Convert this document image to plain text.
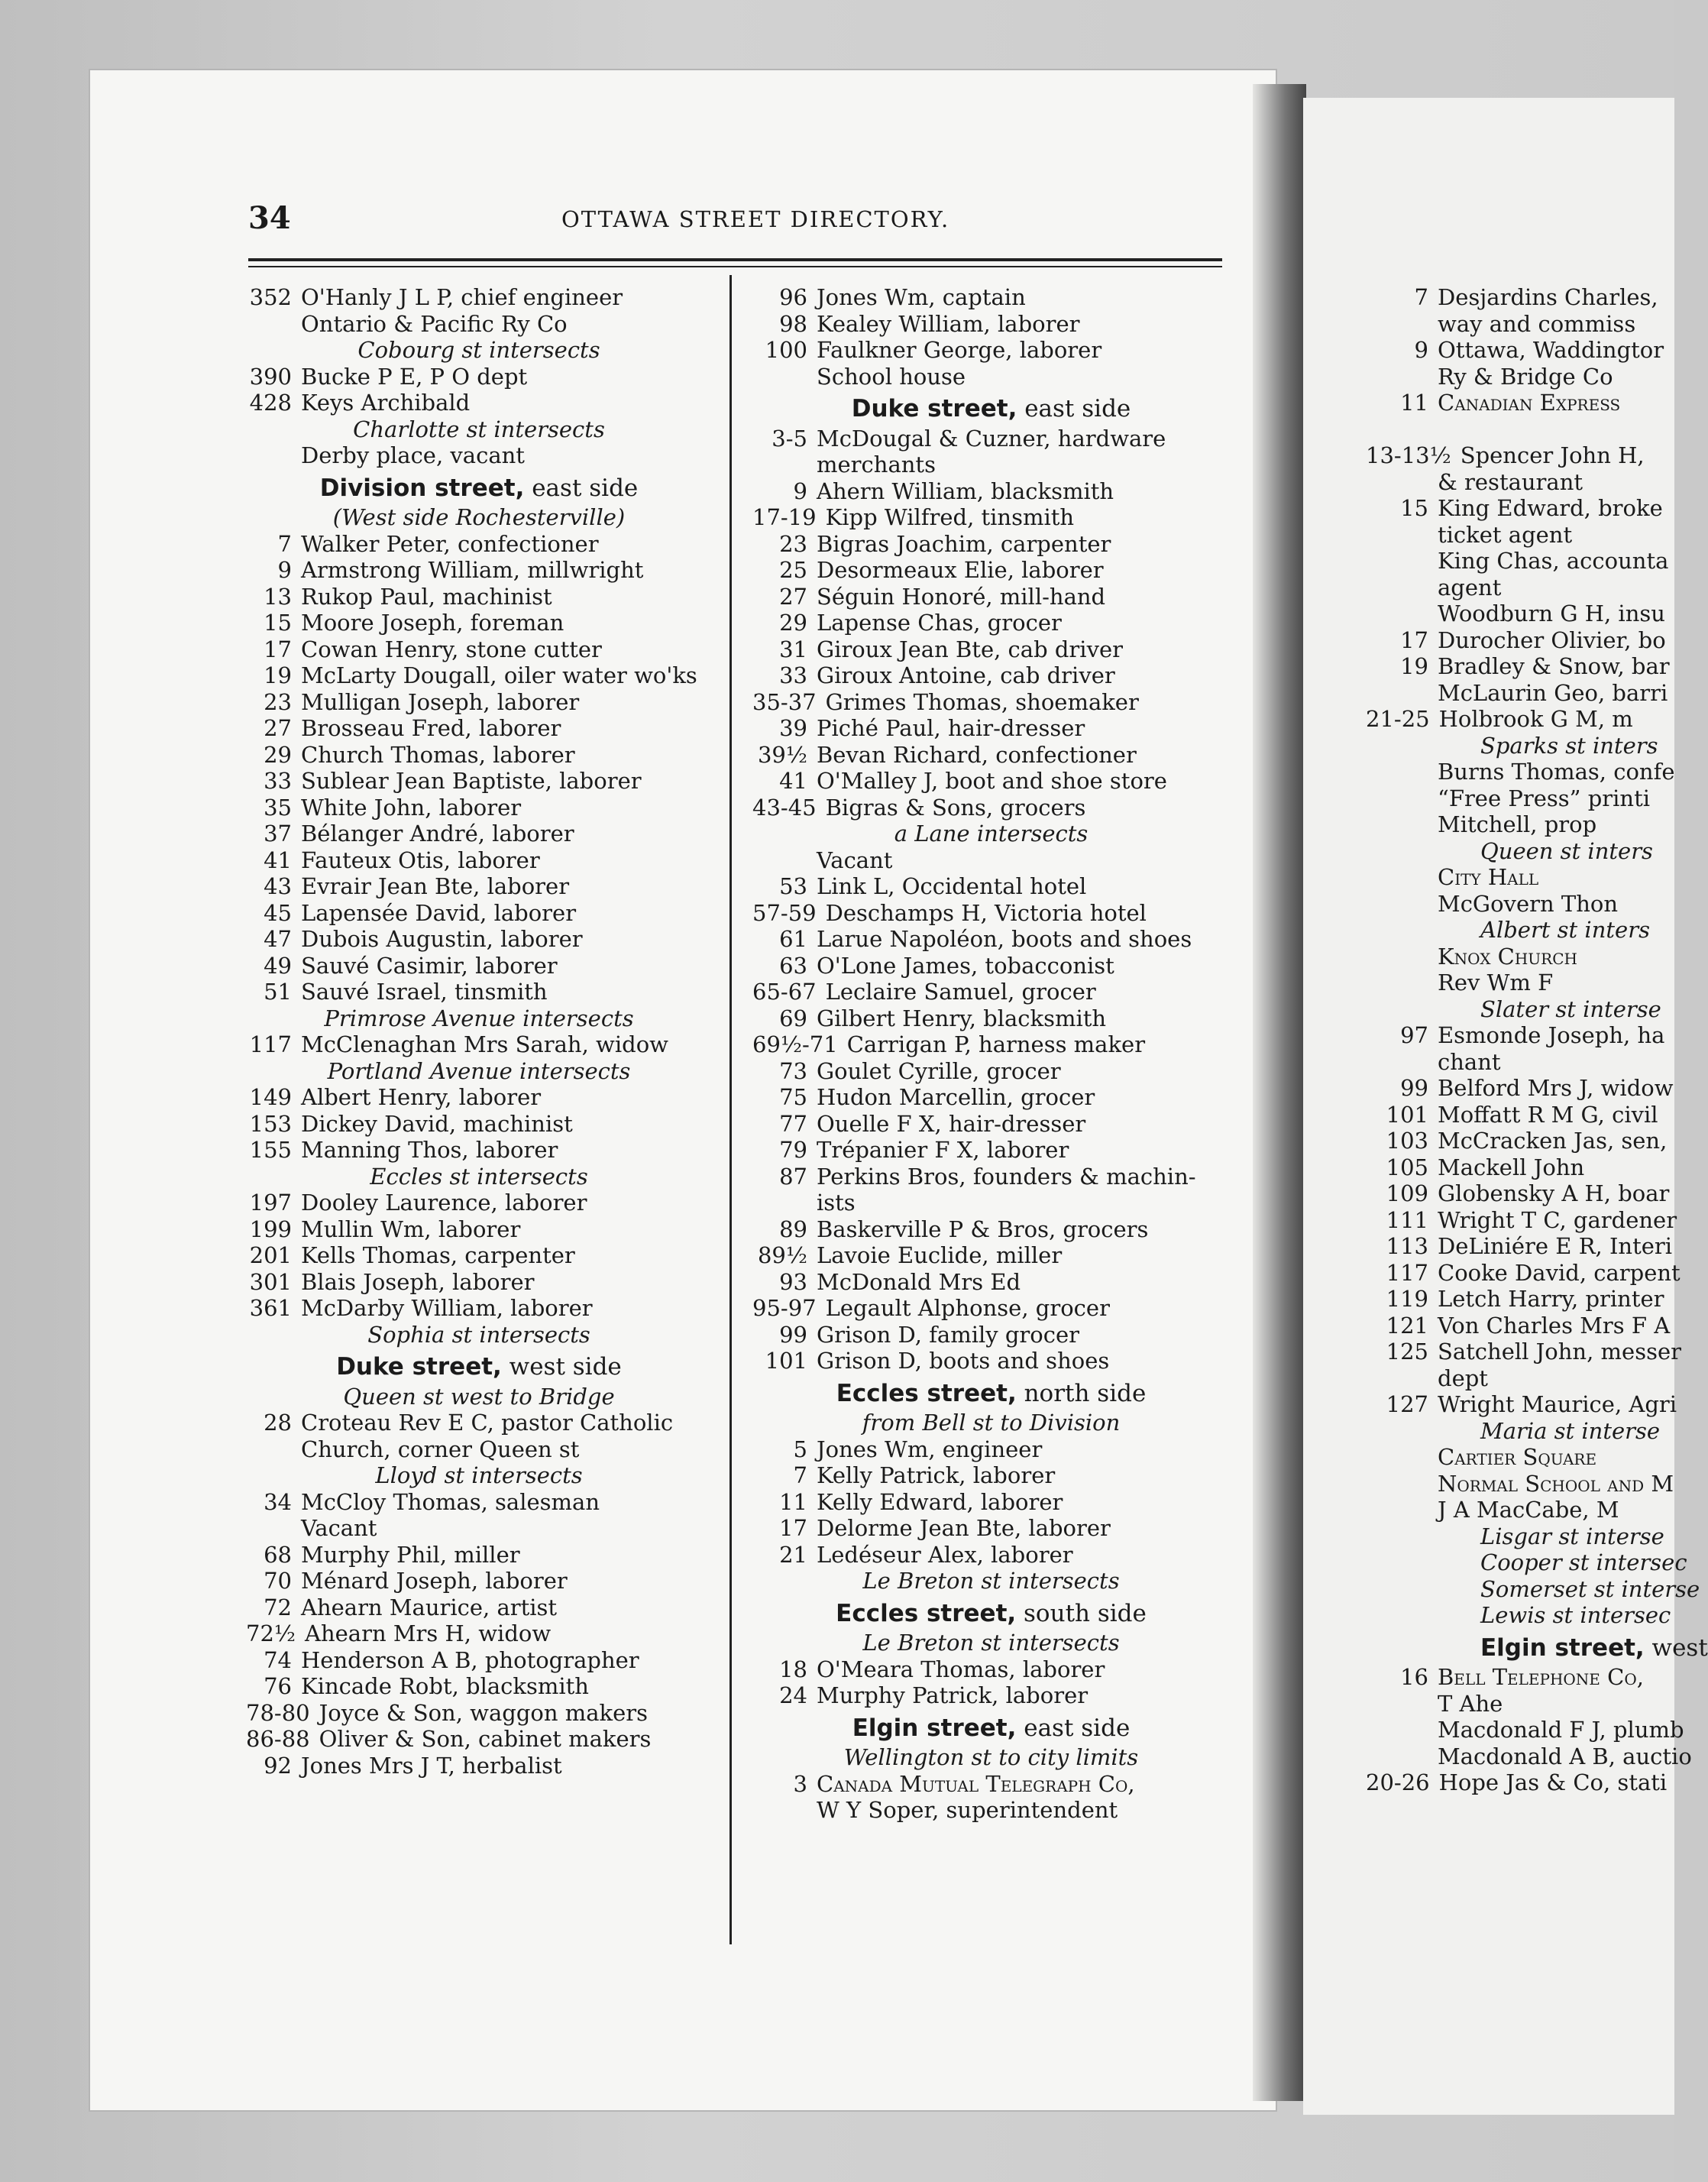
34	OTTAWA STREET DIRECTORY.
352 O'Hanly J L P, chief engineer
Ontario & Pacific Ry Co
Cobourg st intersects
390 Bucke P E, P O dept
428 Keys Archibald
Charlotte st intersects
Derby place, vacant
Division street, east side
(West side Rochesterville)
7 Walker Peter, confectioner
9 Armstrong William, millwright
13 Rukop Paul, machinist
15 Moore Joseph, foreman
17 Cowan Henry, stone cutter
19 McLarty Dougall, oiler water wo'ks
23 Mulligan Joseph, laborer
27 Brosseau Fred, laborer
29 Church Thomas, laborer
33 Sublear Jean Baptiste, laborer
35 White John, laborer
37 Bélanger André, laborer
41 Fauteux Otis, laborer
43 Evrair Jean Bte, laborer
45 Lapensée David, laborer
47 Dubois Augustin, laborer
49 Sauvé Casimir, laborer
51 Sauvé Israel, tinsmith
Primrose Avenue intersects
117 McClenaghan Mrs Sarah, widow
Portland Avenue intersects
149 Albert Henry, laborer
153 Dickey David, machinist
155 Manning Thos, laborer
Eccles st intersects
197 Dooley Laurence, laborer
199 Mullin Wm, laborer
201 Kells Thomas, carpenter
301 Blais Joseph, laborer
361 McDarby William, laborer
Sophia st intersects
Duke street, west side
Queen st west to Bridge
28 Croteau Rev E C, pastor Catholic
Church, corner Queen st
Lloyd st intersects
34 McCloy Thomas, salesman
Vacant
68 Murphy Phil, miller
70 Ménard Joseph, laborer
72 Ahearn Maurice, artist
72½ Ahearn Mrs H, widow
74 Henderson A B, photographer
76 Kincade Robt, blacksmith
78-80 Joyce & Son, waggon makers
86-88 Oliver & Son, cabinet makers
92 Jones Mrs J T, herbalist
96 Jones Wm, captain
98 Kealey William, laborer
100 Faulkner George, laborer
School house
Duke street, east side
3-5 McDougal & Cuzner, hardware
merchants
9 Ahern William, blacksmith
17-19 Kipp Wilfred, tinsmith
23 Bigras Joachim, carpenter
25 Desormeaux Elie, laborer
27 Séguin Honoré, mill-hand
29 Lapense Chas, grocer
31 Giroux Jean Bte, cab driver
33 Giroux Antoine, cab driver
35-37 Grimes Thomas, shoemaker
39 Piché Paul, hair-dresser
39½ Bevan Richard, confectioner
41 O'Malley J, boot and shoe store
43-45 Bigras & Sons, grocers
a Lane intersects
Vacant
53 Link L, Occidental hotel
57-59 Deschamps H, Victoria hotel
61 Larue Napoléon, boots and shoes
63 O'Lone James, tobacconist
65-67 Leclaire Samuel, grocer
69 Gilbert Henry, blacksmith
69½-71 Carrigan P, harness maker
73 Goulet Cyrille, grocer
75 Hudon Marcellin, grocer
77 Ouelle F X, hair-dresser
79 Trépanier F X, laborer
87 Perkins Bros, founders & machin-
ists
89 Baskerville P & Bros, grocers
89½ Lavoie Euclide, miller
93 McDonald Mrs Ed
95-97 Legault Alphonse, grocer
99 Grison D, family grocer
101 Grison D, boots and shoes
Eccles street, north side
from Bell st to Division
5 Jones Wm, engineer
7 Kelly Patrick, laborer
11 Kelly Edward, laborer
17 Delorme Jean Bte, laborer
21 Ledéseur Alex, laborer
Le Breton st intersects
Eccles street, south side
Le Breton st intersects
18 O'Meara Thomas, laborer
24 Murphy Patrick, laborer
Elgin street, east side
Wellington st to city limits
3 Canada Mutual Telegraph Co,
W Y Soper, superintendent
7 Desjardins Charles,
way and commiss
9 Ottawa, Waddingtor
Ry & Bridge Co
11 Canadian Express

13-13½ Spencer John H,
& restaurant
15 King Edward, broke
ticket agent
King Chas, accounta
agent
Woodburn G H, insu
17 Durocher Olivier, bo
19 Bradley & Snow, bar
McLaurin Geo, barri
21-25 Holbrook G M, m
Sparks st inters
Burns Thomas, confe
“Free Press” printi
Mitchell, prop
Queen st inters
City Hall
McGovern Thon
Albert st inters
Knox Church
Rev Wm F
Slater st interse
97 Esmonde Joseph, ha
chant
99 Belford Mrs J, widow
101 Moffatt R M G, civil
103 McCracken Jas, sen,
105 Mackell John
109 Globensky A H, boar
111 Wright T C, gardener
113 DeLiniére E R, Interi
117 Cooke David, carpent
119 Letch Harry, printer
121 Von Charles Mrs F A
125 Satchell John, messer
dept
127 Wright Maurice, Agri
Maria st interse
Cartier Square
Normal School and M
J A MacCabe, M
Lisgar st interse
Cooper st intersec
Somerset st interse
Lewis st intersec
Elgin street, west
16 Bell Telephone Co,
T Ahe
Macdonald F J, plumb
Macdonald A B, auctio
20-26 Hope Jas & Co, stati
